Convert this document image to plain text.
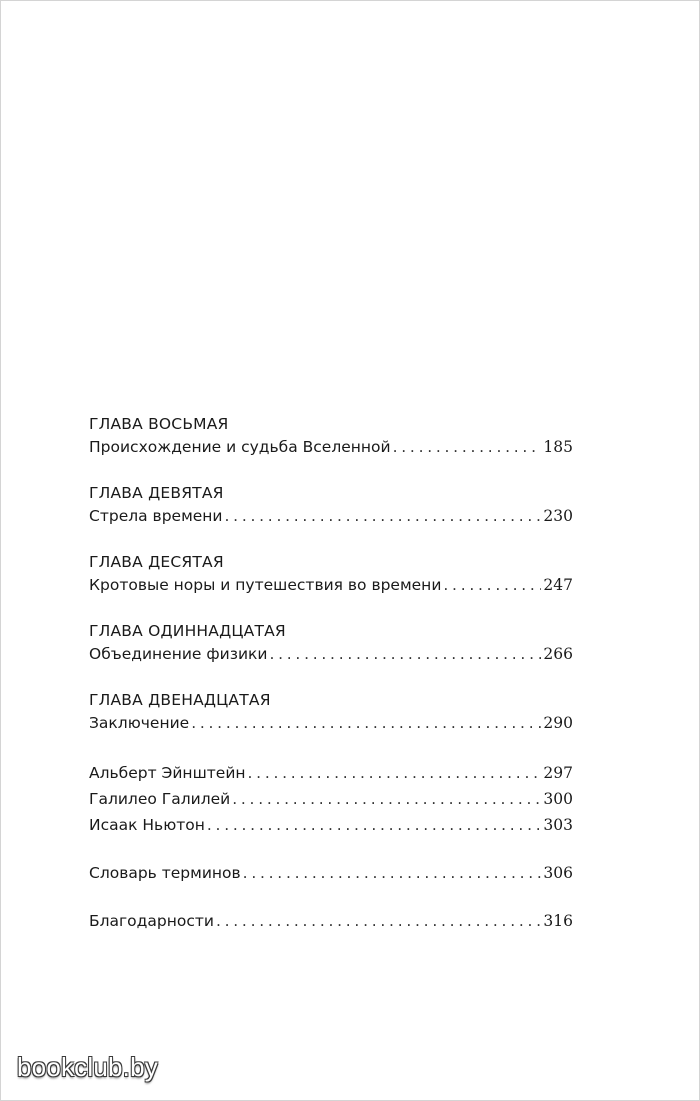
ГЛАВА ВОСЬМАЯ
Происхождение и судьба Вселенной . . .	185
ГЛАВА ДЕВЯТАЯ
Стрела времени . . .	230
ГЛАВА ДЕСЯТАЯ
Кротовые норы и путешествия во времени . . .	247
ГЛАВА ОДИННАДЦАТАЯ
Объединение физики . . .	266
ГЛАВА ДВЕНАДЦАТАЯ
Заключение . . .	290
Альберт Эйнштейн . . .	297
Галилео Галилей . . .	300
Исаак Ньютон . . .	303
Словарь терминов . . .	306
Благодарности . . .	316
bookclub.by
